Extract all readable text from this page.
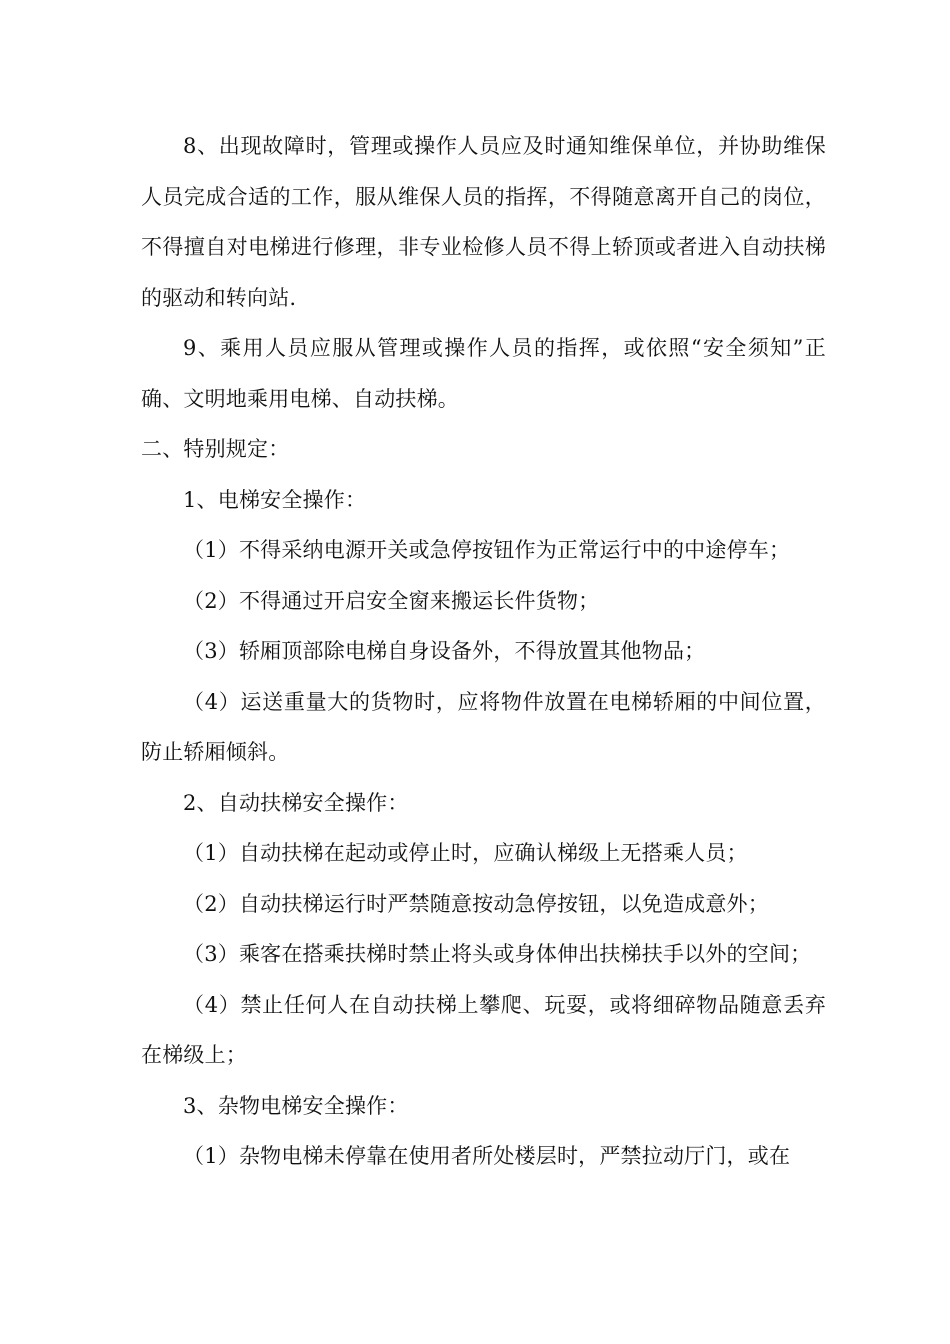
8、出现故障时，管理或操作人员应及时通知维保单位，并协助维保人员完成合适的工作，服从维保人员的指挥，不得随意离开自己的岗位，不得擅自对电梯进行修理，非专业检修人员不得上轿顶或者进入自动扶梯的驱动和转向站.

9、乘用人员应服从管理或操作人员的指挥，或依照“安全须知”正确、文明地乘用电梯、自动扶梯。

二、特别规定：

1、电梯安全操作：

（1）不得采纳电源开关或急停按钮作为正常运行中的中途停车；

（2）不得通过开启安全窗来搬运长件货物；

（3）轿厢顶部除电梯自身设备外，不得放置其他物品；

（4）运送重量大的货物时，应将物件放置在电梯轿厢的中间位置，防止轿厢倾斜。

2、自动扶梯安全操作：

（1）自动扶梯在起动或停止时，应确认梯级上无搭乘人员；

（2）自动扶梯运行时严禁随意按动急停按钮，以免造成意外；

（3）乘客在搭乘扶梯时禁止将头或身体伸出扶梯扶手以外的空间；

（4）禁止任何人在自动扶梯上攀爬、玩耍，或将细碎物品随意丢弃在梯级上；

3、杂物电梯安全操作：

（1）杂物电梯未停靠在使用者所处楼层时，严禁拉动厅门，或在
